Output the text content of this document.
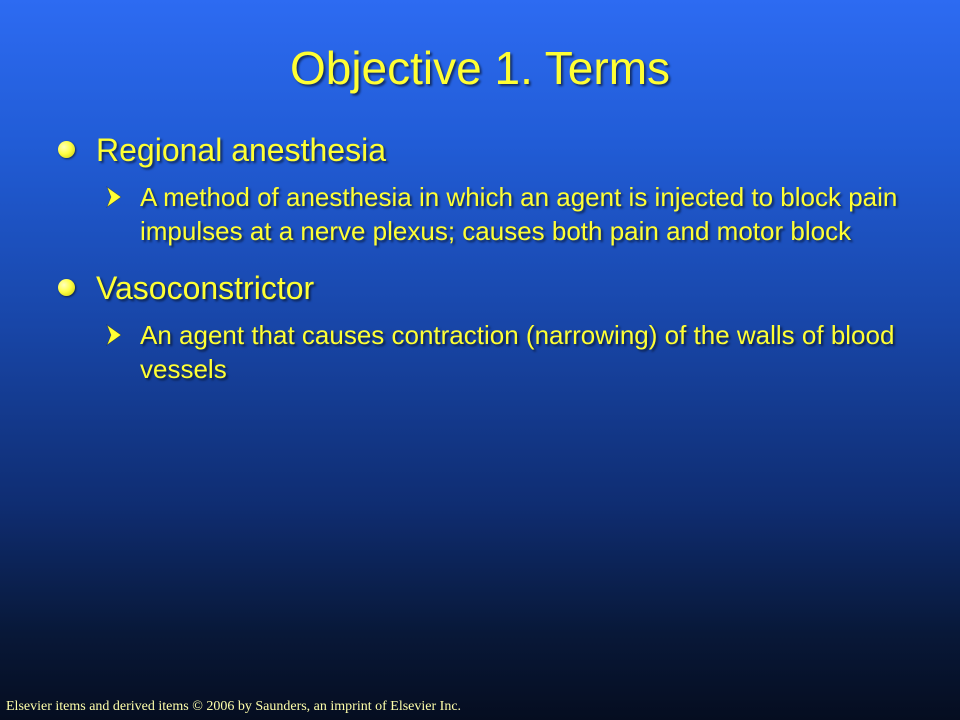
Objective 1. Terms
Regional anesthesia
A method of anesthesia in which an agent is injected to block pain impulses at a nerve plexus; causes both pain and motor block
Vasoconstrictor
An agent that causes contraction (narrowing) of the walls of blood vessels
Elsevier items and derived items © 2006 by Saunders, an imprint of Elsevier Inc.
